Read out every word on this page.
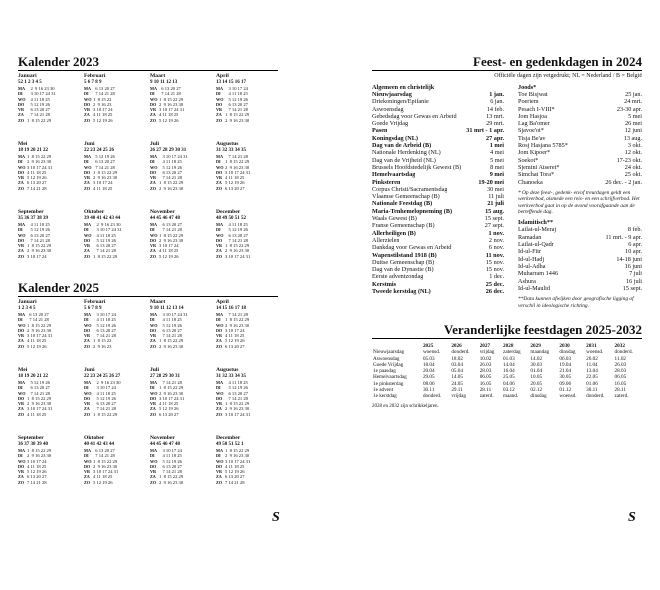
Kalender 2023
Januari
52 1 2 3 4 5
MA 2  9 16 23 30
DI 3 10 17 24 31
WO 4 11 18 25
DO 5 12 19 26
VR 6 13 20 27
ZA 7 14 21 28
ZO 1  8 15 22 29
Februari
5 6 7 8 9
MA 6 13 20 27
DI 7 14 21 28
WO 1  8 15 22
DO 2  9 16 23
VR 3 10 17 24
ZA 4 11 18 25
ZO 5 12 19 26
Maart
9 10 11 12 13
MA 6 13 20 27
DI 7 14 21 28
WO 1  8 15 22 29
DO 2  9 16 23 30
VR 3 10 17 24 31
ZA 4 11 18 25
ZO 5 12 19 26
April
13 14 15 16 17
MA 3 10 17 24
DI 4 11 18 25
WO 5 12 19 26
DO 6 13 20 27
VR 7 14 21 28
ZA 1  8 15 22 29
ZO 2  9 16 23 30
Mei
18 19 20 21 22
MA 1  8 15 22 29
DI 2  9 16 23 30
WO 3 10 17 24 31
DO 4 11 18 25
VR 5 12 19 26
ZA 6 13 20 27
ZO 7 14 21 28
Juni
22 23 24 25 26
MA 5 12 19 26
DI 6 13 20 27
WO 7 14 21 28
DO 1  8 15 22 29
VR 2  9 16 23 30
ZA 3 10 17 24
ZO 4 11 18 25
Juli
26 27 28 29 30 31
MA 3 10 17 24 31
DI 4 11 18 25
WO 5 12 19 26
DO 6 13 20 27
VR 7 14 21 28
ZA 1  8 15 22 29
ZO 2  9 16 23 30
Augustus
31 32 33 34 35
MA 7 14 21 28
DI 1  8 15 22 29
WO 2  9 16 23 30
DO 3 10 17 24 31
VR 4 11 18 25
ZA 5 12 19 26
ZO 6 13 20 27
September
35 36 37 38 39
MA 4 11 18 25
DI 5 12 19 26
WO 6 13 20 27
DO 7 14 21 28
VR 1  8 15 22 29
ZA 2  9 16 23 30
ZO 3 10 17 24
Oktober
39 40 41 42 43 44
MA 2  9 16 23 30
DI 3 10 17 24 31
WO 4 11 18 25
DO 5 12 19 26
VR 6 13 20 27
ZA 7 14 21 28
ZO 1  8 15 22 29
November
44 45 46 47 48
MA 6 13 20 27
DI 7 14 21 28
WO 1  8 15 22 29
DO 2  9 16 23 30
VR 3 10 17 24
ZA 4 11 18 25
ZO 5 12 19 26
December
48 49 50 51 52
MA 4 11 18 25
DI 5 12 19 26
WO 6 13 20 27
DO 7 14 21 28
VR 1  8 15 22 29
ZA 2  9 16 23 30
ZO 3 10 17 24 31
Kalender 2025
Januari
1 2 3 4 5
MA 6 13 20 27
DI 7 14 21 28
WO 1  8 15 22 29
DO 2  9 16 23 30
VR 3 10 17 24 31
ZA 4 11 18 25
ZO 5 12 19 26
Februari
5 6 7 8 9
MA 3 10 17 24
DI 4 11 18 25
WO 5 12 19 26
DO 6 13 20 27
VR 7 14 21 28
ZA 1  8 15 22
ZO 2  9 16 23
Maart
9 10 11 12 13 14
MA 3 10 17 24 31
DI 4 11 18 25
WO 5 12 19 26
DO 6 13 20 27
VR 7 14 21 28
ZA 1  8 15 22 29
ZO 2  9 16 23 30
April
14 15 16 17 18
MA 7 14 21 28
DI 1  8 15 22 29
WO 2  9 16 23 30
DO 3 10 17 24
VR 4 11 18 25
ZA 5 12 19 26
ZO 6 13 20 27
Mei
18 19 20 21 22
MA 5 12 19 26
DI 6 13 20 27
WO 7 14 21 28
DO 1  8 15 22 29
VR 2  9 16 23 30
ZA 3 10 17 24 31
ZO 4 11 18 25
Juni
22 23 24 25 26 27
MA 2  9 16 23 30
DI 3 10 17 24
WO 4 11 18 25
DO 5 12 19 26
VR 6 13 20 27
ZA 7 14 21 28
ZO 1  8 15 22 29
Juli
27 28 29 30 31
MA 7 14 21 28
DI 1  8 15 22 29
WO 2  9 16 23 30
DO 3 10 17 24 31
VR 4 11 18 25
ZA 5 12 19 26
ZO 6 13 20 27
Augustus
31 32 33 34 35
MA 4 11 18 25
DI 5 12 19 26
WO 6 13 20 27
DO 7 14 21 28
VR 1  8 15 22 29
ZA 2  9 16 23 30
ZO 3 10 17 24 31
September
36 37 38 39 40
MA 1  8 15 22 29
DI 2  9 16 23 30
WO 3 10 17 24
DO 4 11 18 25
VR 5 12 19 26
ZA 6 13 20 27
ZO 7 14 21 28
Oktober
40 41 42 43 44
MA 6 13 20 27
DI 7 14 21 28
WO 1  8 15 22 29
DO 2  9 16 23 30
VR 3 10 17 24 31
ZA 4 11 18 25
ZO 5 12 19 26
November
44 45 46 47 48
MA 3 10 17 24
DI 4 11 18 25
WO 5 12 19 26
DO 6 13 20 27
VR 7 14 21 28
ZA 1  8 15 22 29
ZO 2  9 16 23 30
December
49 50 51 52 1
MA 1  8 15 22 29
DI 2  9 16 23 30
WO 3 10 17 24 31
DO 4 11 18 25
VR 5 12 19 26
ZA 6 13 20 27
ZO 7 14 21 28
S
Feest- en gedenkdagen in 2024
Officiële dagen zijn vetgedrukt; NL = Nederland / B = België
Algemeen en christelijk
Nieuwjaarsdag	1 jan.
Driekoningen/Epifanie	6 jan.
Aswoensdag	14 feb.
Gebedsdag voor Gewas en Arbeid	13 mrt.
Goede Vrijdag	29 mrt.
Pasen	31 mrt - 1 apr.
Koningsdag (NL)	27 apr.
Dag van de Arbeid (B)	1 mei
Nationale Herdenking (NL)	4 mei
Dag van de Vrijheid (NL)	5 mei
Brussels Hoofdstedelijk Gewest (B)	8 mei
Hemelvaartsdag	9 mei
Pinksteren	19-20 mei
Corpus Christi/Sacramentsdag	30 mei
Vlaamse Gemeenschap (B)	11 juli
Nationale Feestdag (B)	21 juli
Maria-Tenhemelopneming (B)	15 aug.
Waals Gewest (B)	15 sept.
Franse Gemeenschap (B)	27 sept.
Allerheiligen (B)	1 nov.
Allerzielen	2 nov.
Dankdag voor Gewas en Arbeid	6 nov.
Wapenstilstand 1918 (B)	11 nov.
Duitse Gemeenschap (B)	15 nov.
Dag van de Dynastie (B)	15 nov.
Eerste adventzondag	1 dec.
Kerstmis	25 dec.
Tweede kerstdag (NL)	26 dec.
Joods*
Toe Bisjwat	25 jan.
Poeriem	24 mrt.
Pesach I-VIII*	23-30 apr.
Jom Hasjoa	5 mei
Lag Ba'omer	26 mei
Sjavoe'ot*	12 juni
Tisja Be'av	13 aug.
Rosj Hasjana 5785*	3 okt.
Jom Kipoer*	12 okt.
Soekot*	17-23 okt.
Sjemini Atseret*	24 okt.
Simchat Tora*	25 okt.
Chanoeka	26 dec. - 2 jan.
* Op deze feest-, gedenk- en/of treurdagen geldt een werkverbod, alsmede een reis- en een schrijfverbod. Het werkverbod gaat in op de avond voorafgaande aan de betreffende dag.
Islamitisch**
Lailat-ul-Meraj	8 feb.
Ramadan	11 mrt. - 9 apr.
Lailat-ul-Qadr	6 apr.
Id-ul-Fitr	10 apr.
Id-ul-Hadj	14-18 juni
Id-ul-Adha	16 juni
Muharram 1446	7 juli
Ashura	16 juli
Id-ul-Maulid	15 sept.
**Data kunnen afwijken door geografische ligging of verschil in ideologische richting.
Veranderlijke feestdagen 2025-2032
	2025	2026	2027	2028	2029	2030	2031	2032
Nieuwjaarsdag	woensd.	donderd.	vrijdag	zaterdag	maandag	dinsdag	woensd.	donderd.
Aswoensdag	05.03	18.02	10.02	01.03	14.02	06.03	26.02	11.02
Goede Vrijdag	18.04	03.04	26.03	14.04	30.03	19.04	11.04	26.03
1e paasdag	20.04	05.04	28.03	16.04	01.04	21.04	13.04	28.03
Hemelvaartsdag	29.05	14.05	06.05	25.05	10.05	30.05	22.05	06.05
1e pinksterdag	08.06	24.05	16.05	04.06	20.05	09.06	01.06	16.05
1e advent	30.11	29.11	28.11	03.12	02.12	01.12	30.11	28.11
1e kerstdag	donderd.	vrijdag	zaterd.	maand.	dinsdag	woensd.	donderd.	zaterd.
2028 en 2032 zijn schrikkeljaren.
S
